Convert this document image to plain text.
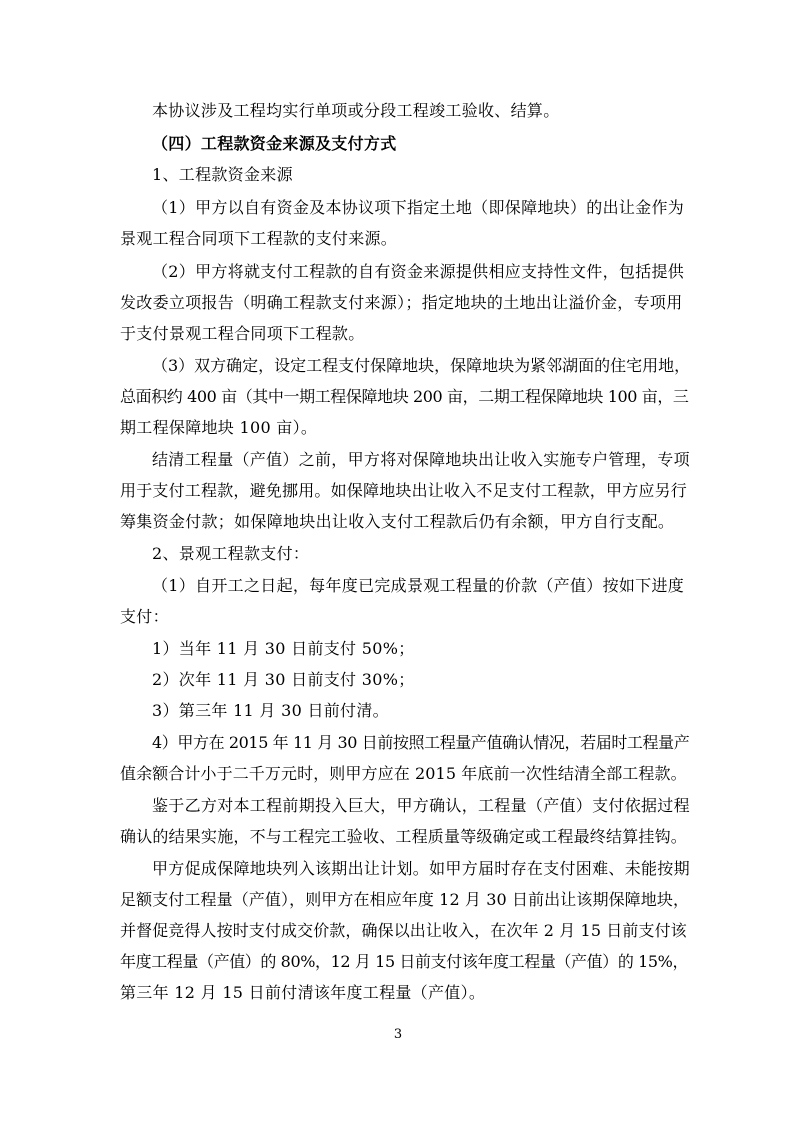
本协议涉及工程均实行单项或分段工程竣工验收、结算。
（四）工程款资金来源及支付方式
1、工程款资金来源
（1）甲方以自有资金及本协议项下指定土地（即保障地块）的出让金作为
景观工程合同项下工程款的支付来源。
（2）甲方将就支付工程款的自有资金来源提供相应支持性文件，包括提供
发改委立项报告（明确工程款支付来源）；指定地块的土地出让溢价金，专项用
于支付景观工程合同项下工程款。
（3）双方确定，设定工程支付保障地块，保障地块为紧邻湖面的住宅用地，
总面积约 400 亩（其中一期工程保障地块 200 亩，二期工程保障地块 100 亩，三
期工程保障地块 100 亩）。
结清工程量（产值）之前，甲方将对保障地块出让收入实施专户管理，专项
用于支付工程款，避免挪用。如保障地块出让收入不足支付工程款，甲方应另行
筹集资金付款；如保障地块出让收入支付工程款后仍有余额，甲方自行支配。
2、景观工程款支付：
（1）自开工之日起，每年度已完成景观工程量的价款（产值）按如下进度
支付：
1）当年 11 月 30 日前支付 50%；
2）次年 11 月 30 日前支付 30%；
3）第三年 11 月 30 日前付清。
4）甲方在 2015 年 11 月 30 日前按照工程量产值确认情况，若届时工程量产
值余额合计小于二千万元时，则甲方应在 2015 年底前一次性结清全部工程款。
鉴于乙方对本工程前期投入巨大，甲方确认，工程量（产值）支付依据过程
确认的结果实施，不与工程完工验收、工程质量等级确定或工程最终结算挂钩。
甲方促成保障地块列入该期出让计划。如甲方届时存在支付困难、未能按期
足额支付工程量（产值），则甲方在相应年度 12 月 30 日前出让该期保障地块，
并督促竞得人按时支付成交价款，确保以出让收入，在次年 2 月 15 日前支付该
年度工程量（产值）的 80%，12 月 15 日前支付该年度工程量（产值）的 15%，
第三年 12 月 15 日前付清该年度工程量（产值）。
3
